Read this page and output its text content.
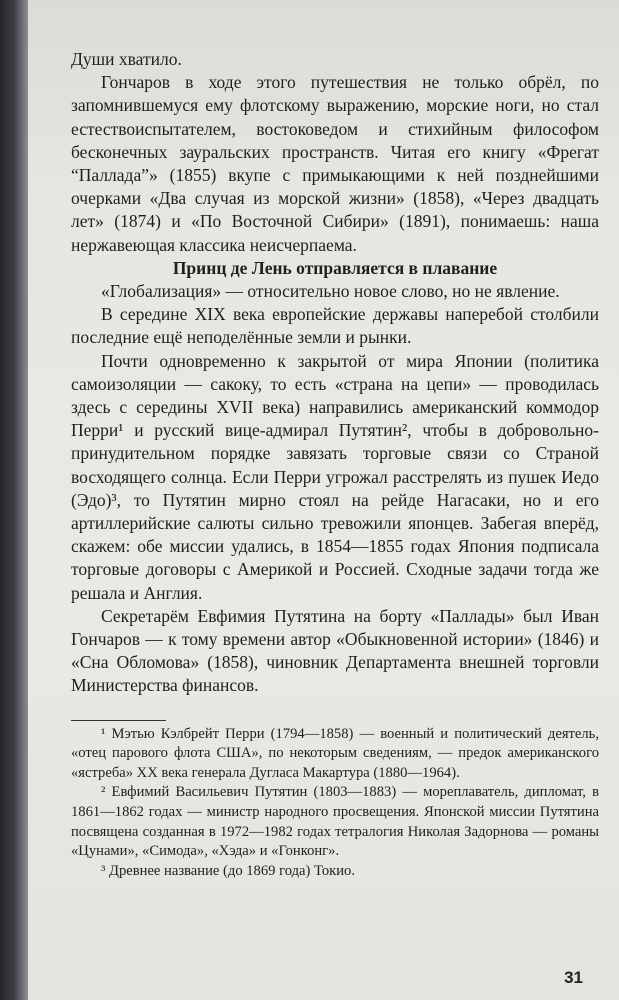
Души хватило.

Гончаров в ходе этого путешествия не только обрёл, по запомнившемуся ему флотскому выражению, морские ноги, но стал естествоиспытателем, востоковедом и стихийным философом бесконечных зауральских пространств. Читая его книгу «Фрегат “Паллада”» (1855) вкупе с примыкающими к ней позднейшими очерками «Два случая из морской жизни» (1858), «Через двадцать лет» (1874) и «По Восточной Сибири» (1891), понимаешь: наша нержавеющая классика неисчерпаема.

Принц де Лень отправляется в плавание

«Глобализация» — относительно новое слово, но не явление.

В середине XIX века европейские державы наперебой столбили последние ещё неподелённые земли и рынки.

Почти одновременно к закрытой от мира Японии (политика самоизоляции — сакоку, то есть «страна на цепи» — проводилась здесь с середины XVII века) направились американский коммодор Перри¹ и русский вице-адмирал Путятин², чтобы в добровольно-принудительном порядке завязать торговые связи со Страной восходящего солнца. Если Перри угрожал расстрелять из пушек Иедо (Эдо)³, то Путятин мирно стоял на рейде Нагасаки, но и его артиллерийские салюты сильно тревожили японцев. Забегая вперёд, скажем: обе миссии удались, в 1854—1855 годах Япония подписала торговые договоры с Америкой и Россией. Сходные задачи тогда же решала и Англия.

Секретарём Евфимия Путятина на борту «Паллады» был Иван Гончаров — к тому времени автор «Обыкновенной истории» (1846) и «Сна Обломова» (1858), чиновник Департамента внешней торговли Министерства финансов.

¹ Мэтью Кэлбрейт Перри (1794—1858) — военный и политический деятель, «отец парового флота США», по некоторым сведениям, — предок американского «ястреба» XX века генерала Дугласа Макартура (1880—1964).

² Евфимий Васильевич Путятин (1803—1883) — мореплаватель, дипломат, в 1861—1862 годах — министр народного просвещения. Японской миссии Путятина посвящена созданная в 1972—1982 годах тетралогия Николая Задорнова — романы «Цунами», «Симода», «Хэда» и «Гонконг».

³ Древнее название (до 1869 года) Токио.

31
